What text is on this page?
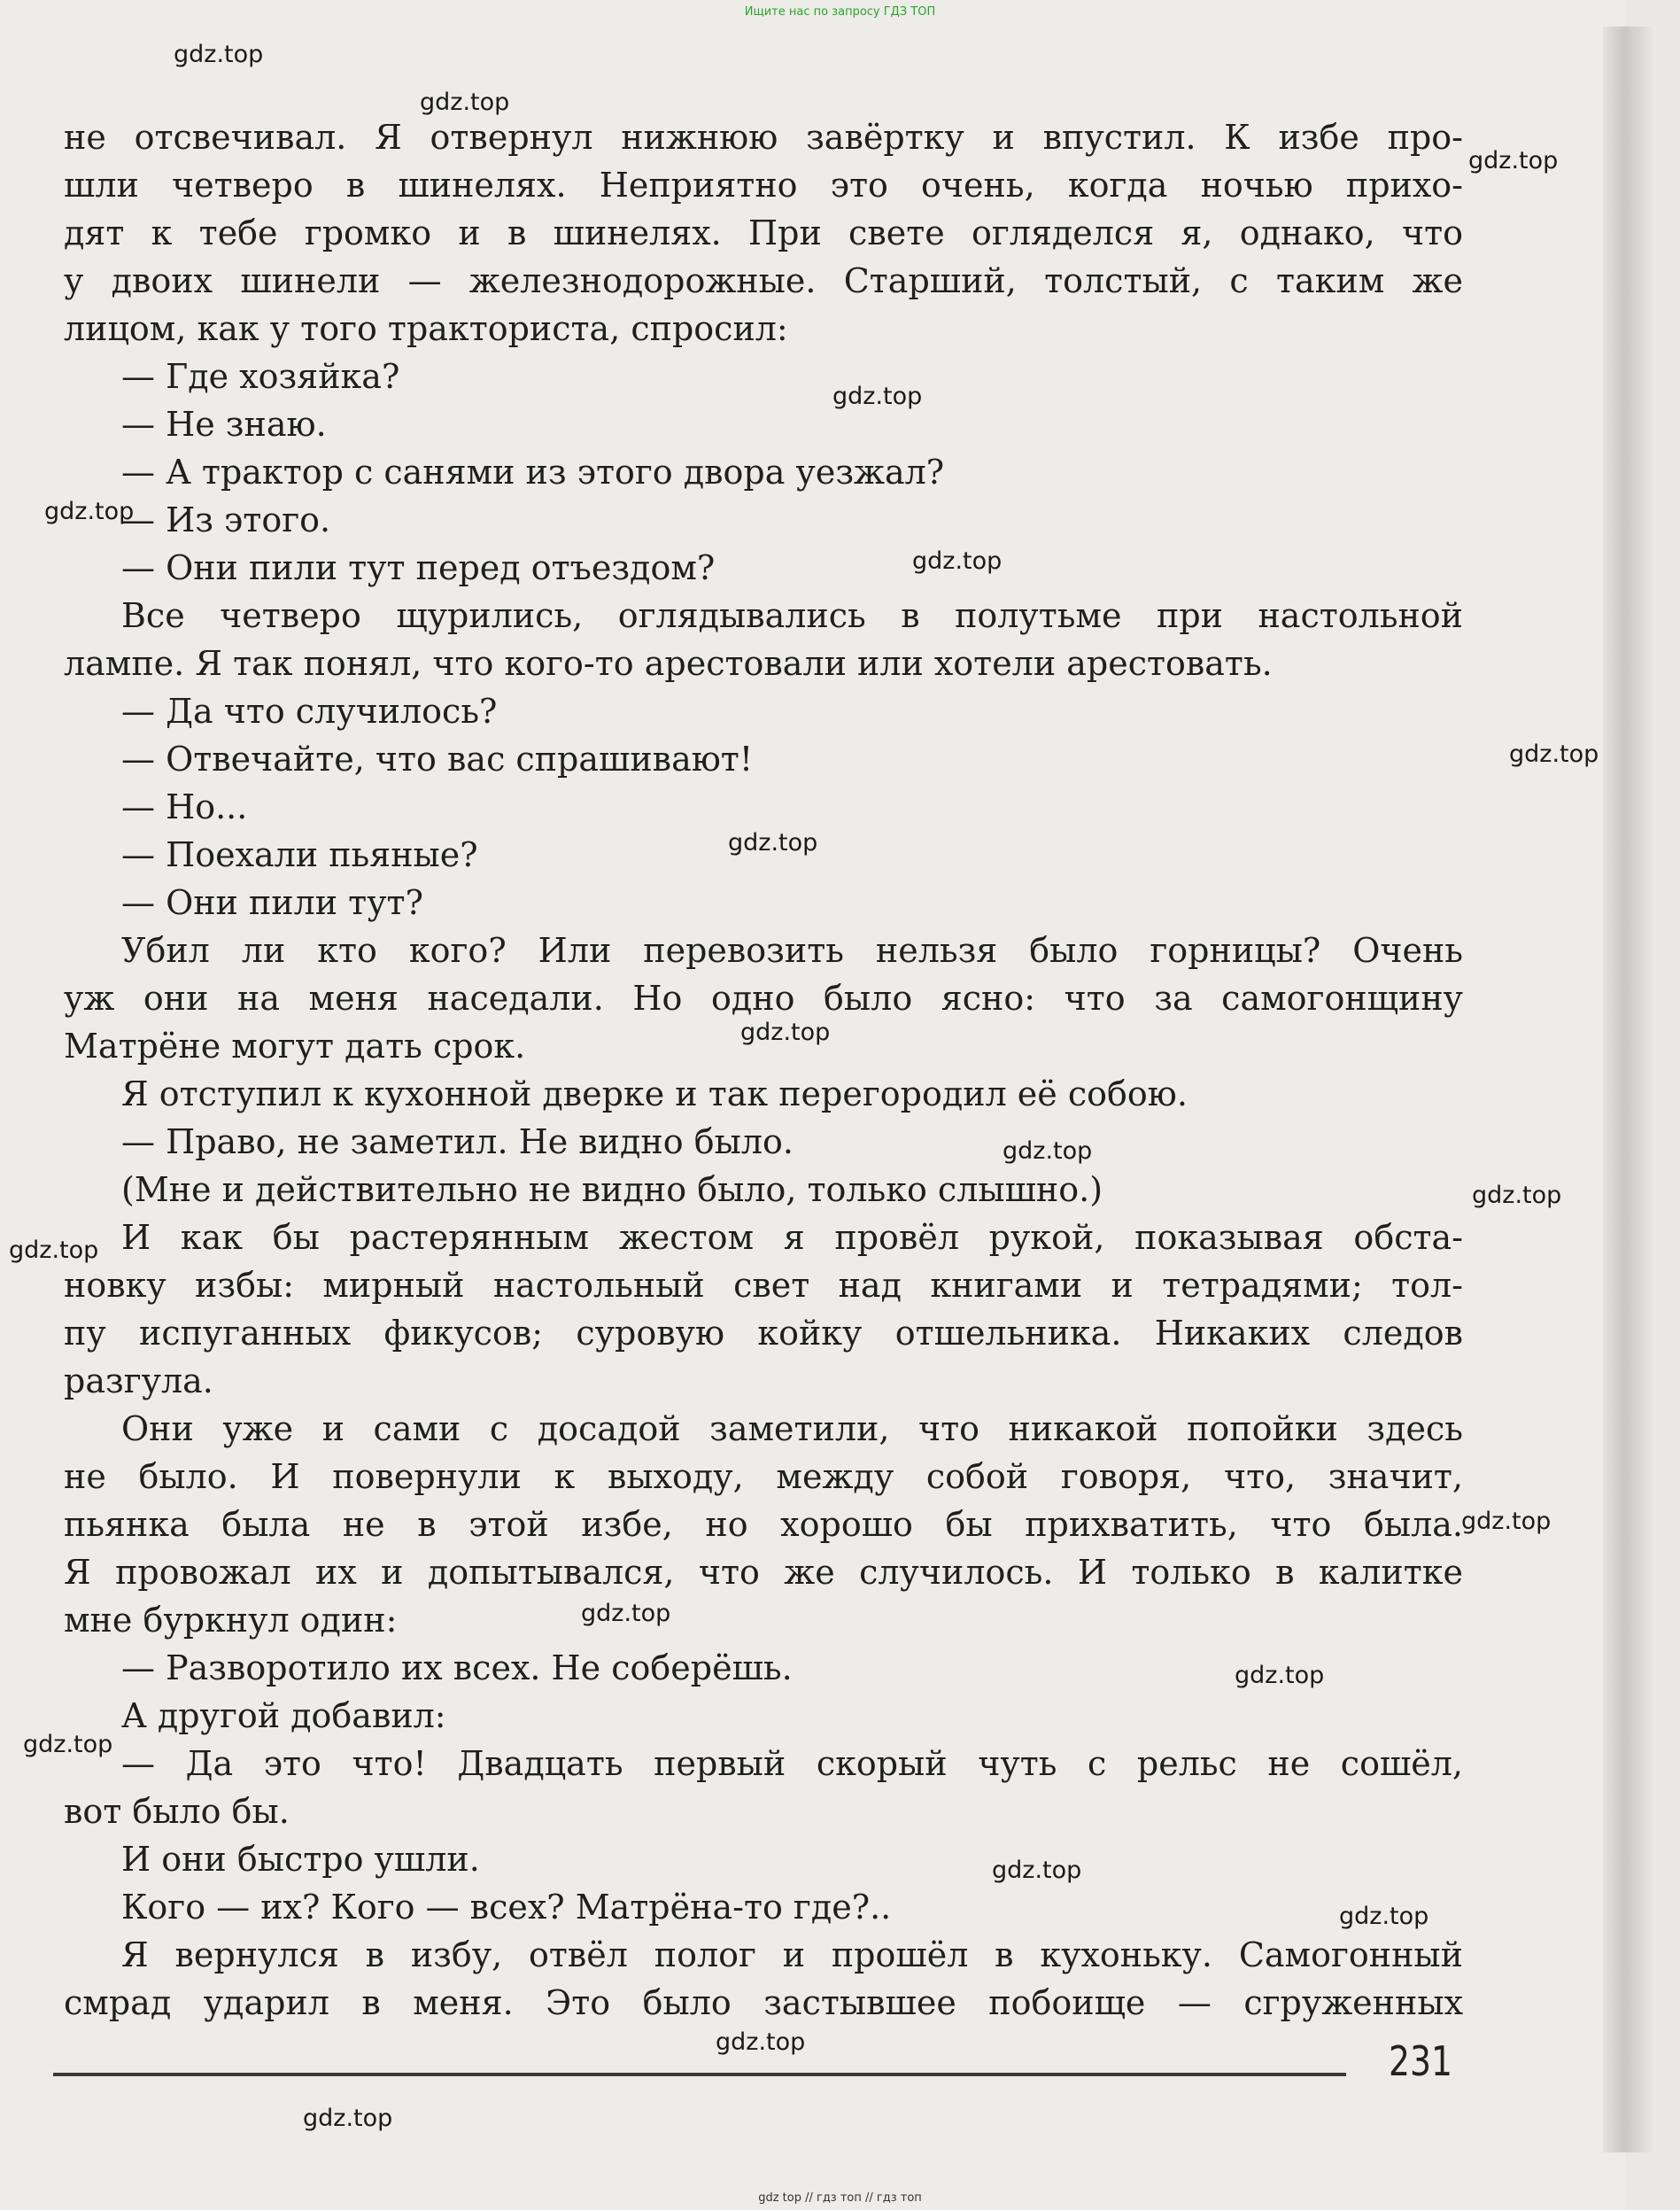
Ищите нас по запросу ГДЗ ТОП
не отсвечивал. Я отвернул нижнюю завёртку и впустил. К избе про-
шли четверо в шинелях. Неприятно это очень, когда ночью прихо-
дят к тебе громко и в шинелях. При свете огляделся я, однако, что
у двоих шинели — железнодорожные. Старший, толстый, с таким же
лицом, как у того тракториста, спросил:
— Где хозяйка?
— Не знаю.
— А трактор с санями из этого двора уезжал?
— Из этого.
— Они пили тут перед отъездом?
Все четверо щурились, оглядывались в полутьме при настольной
лампе. Я так понял, что кого-то арестовали или хотели арестовать.
— Да что случилось?
— Отвечайте, что вас спрашивают!
— Но...
— Поехали пьяные?
— Они пили тут?
Убил ли кто кого? Или перевозить нельзя было горницы? Очень
уж они на меня наседали. Но одно было ясно: что за самогонщину
Матрёне могут дать срок.
Я отступил к кухонной дверке и так перегородил её собою.
— Право, не заметил. Не видно было.
(Мне и действительно не видно было, только слышно.)
И как бы растерянным жестом я провёл рукой, показывая обста-
новку избы: мирный настольный свет над книгами и тетрадями; тол-
пу испуганных фикусов; суровую койку отшельника. Никаких следов
разгула.
Они уже и сами с досадой заметили, что никакой попойки здесь
не было. И повернули к выходу, между собой говоря, что, значит,
пьянка была не в этой избе, но хорошо бы прихватить, что была.
Я провожал их и допытывался, что же случилось. И только в калитке
мне буркнул один:
— Разворотило их всех. Не соберёшь.
А другой добавил:
— Да это что! Двадцать первый скорый чуть с рельс не сошёл,
вот было бы.
И они быстро ушли.
Кого — их? Кого — всех? Матрёна-то где?..
Я вернулся в избу, отвёл полог и прошёл в кухоньку. Самогонный
смрад ударил в меня. Это было застывшее побоище — сгруженных
gdz.top
gdz.top
gdz.top
gdz.top
gdz.top
gdz.top
gdz.top
gdz.top
gdz.top
gdz.top
gdz.top
gdz.top
gdz.top
gdz.top
gdz.top
gdz.top
gdz.top
gdz.top
gdz.top
gdz.top
231
gdz top // гдз топ // гдз топ
